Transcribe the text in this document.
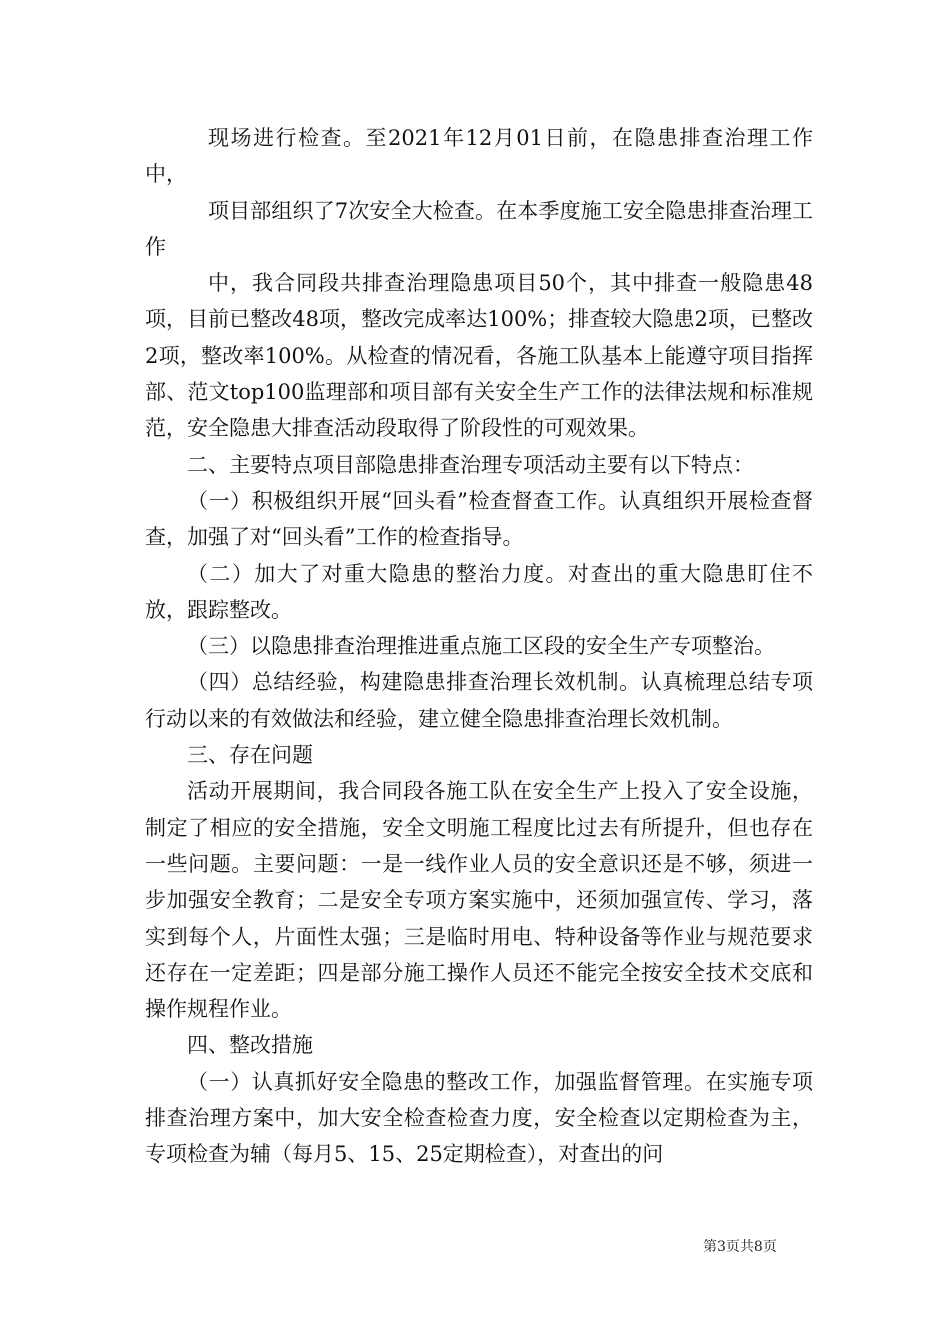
现场进行检查。至2021年12月01日前，在隐患排查治理工作中，

项目部组织了7次安全大检查。在本季度施工安全隐患排查治理工作

中，我合同段共排查治理隐患项目50个，其中排查一般隐患48项，目前已整改48项，整改完成率达100%；排查较大隐患2项，已整改2项，整改率100%。从检查的情况看，各施工队基本上能遵守项目指挥部、范文top100监理部和项目部有关安全生产工作的法律法规和标准规范，安全隐患大排查活动段取得了阶段性的可观效果。

二、主要特点项目部隐患排查治理专项活动主要有以下特点：

（一）积极组织开展“回头看”检查督查工作。认真组织开展检查督查，加强了对“回头看”工作的检查指导。

（二）加大了对重大隐患的整治力度。对查出的重大隐患盯住不放，跟踪整改。

（三）以隐患排查治理推进重点施工区段的安全生产专项整治。

（四）总结经验，构建隐患排查治理长效机制。认真梳理总结专项行动以来的有效做法和经验，建立健全隐患排查治理长效机制。

三、存在问题

活动开展期间，我合同段各施工队在安全生产上投入了安全设施，制定了相应的安全措施，安全文明施工程度比过去有所提升，但也存在一些问题。主要问题：一是一线作业人员的安全意识还是不够，须进一步加强安全教育；二是安全专项方案实施中，还须加强宣传、学习，落实到每个人，片面性太强；三是临时用电、特种设备等作业与规范要求还存在一定差距；四是部分施工操作人员还不能完全按安全技术交底和操作规程作业。

四、整改措施

（一）认真抓好安全隐患的整改工作，加强监督管理。在实施专项排查治理方案中，加大安全检查检查力度，安全检查以定期检查为主，专项检查为辅（每月5、15、25定期检查），对查出的问

第3页共8页
